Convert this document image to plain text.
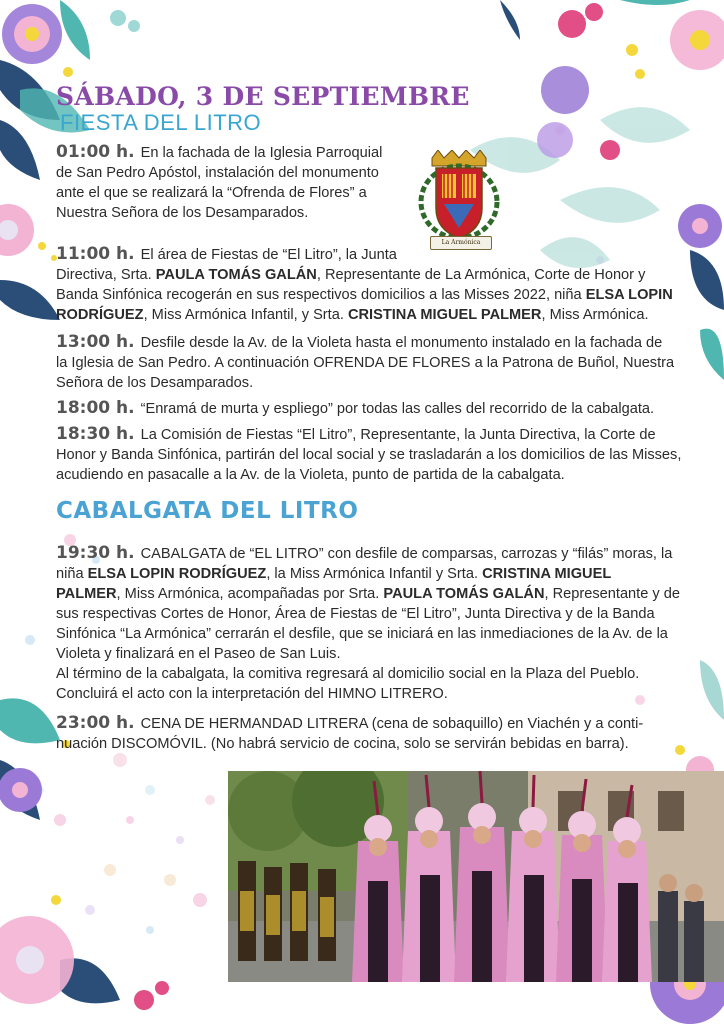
SÁBADO, 3 DE SEPTIEMBRE
FIESTA DEL LITRO
La Armónica
01:00 h. En la fachada de la Iglesia Parroquial
de San Pedro Apóstol, instalación del monumento
ante el que se realizará la “Ofrenda de Flores” a
Nuestra Señora de los Desamparados.
11:00 h. El área de Fiestas de “El Litro”, la Junta
Directiva, Srta. PAULA TOMÁS GALÁN, Representante de La Armónica, Corte de Honor y
Banda Sinfónica recogerán en sus respectivos domicilios a las Misses 2022, niña ELSA LOPIN
RODRÍGUEZ, Miss Armónica Infantil, y Srta. CRISTINA MIGUEL PALMER, Miss Armónica.
13:00 h. Desfile desde la Av. de la Violeta hasta el monumento instalado en la fachada de
la Iglesia de San Pedro. A continuación OFRENDA DE FLORES a la Patrona de Buñol, Nuestra
Señora de los Desamparados.
18:00 h. “Enramá de murta y espliego” por todas las calles del recorrido de la cabalgata.
18:30 h. La Comisión de Fiestas “El Litro”, Representante, la Junta Directiva, la Corte de
Honor y Banda Sinfónica, partirán del local social y se trasladarán a los domicilios de las Misses,
acudiendo en pasacalle a la Av. de la Violeta, punto de partida de la cabalgata.
CABALGATA DEL LITRO
19:30 h. CABALGATA de “EL LITRO” con desfile de comparsas, carrozas y “filás” moras, la
niña ELSA LOPIN RODRÍGUEZ, la Miss Armónica Infantil y Srta. CRISTINA MIGUEL
PALMER, Miss Armónica, acompañadas por Srta. PAULA TOMÁS GALÁN, Representante y de
sus respectivas Cortes de Honor, Área de Fiestas de “El Litro”, Junta Directiva y de la Banda
Sinfónica “La Armónica” cerrarán el desfile, que se iniciará en las inmediaciones de la Av. de la
Violeta y finalizará en el Paseo de San Luis.
Al término de la cabalgata, la comitiva regresará al domicilio social en la Plaza del Pueblo.
Concluirá el acto con la interpretación del HIMNO LITRERO.
23:00 h. CENA DE HERMANDAD LITRERA (cena de sobaquillo) en Viachén y a conti-
nuación DISCOMÓVIL. (No habrá servicio de cocina, solo se servirán bebidas en barra).
